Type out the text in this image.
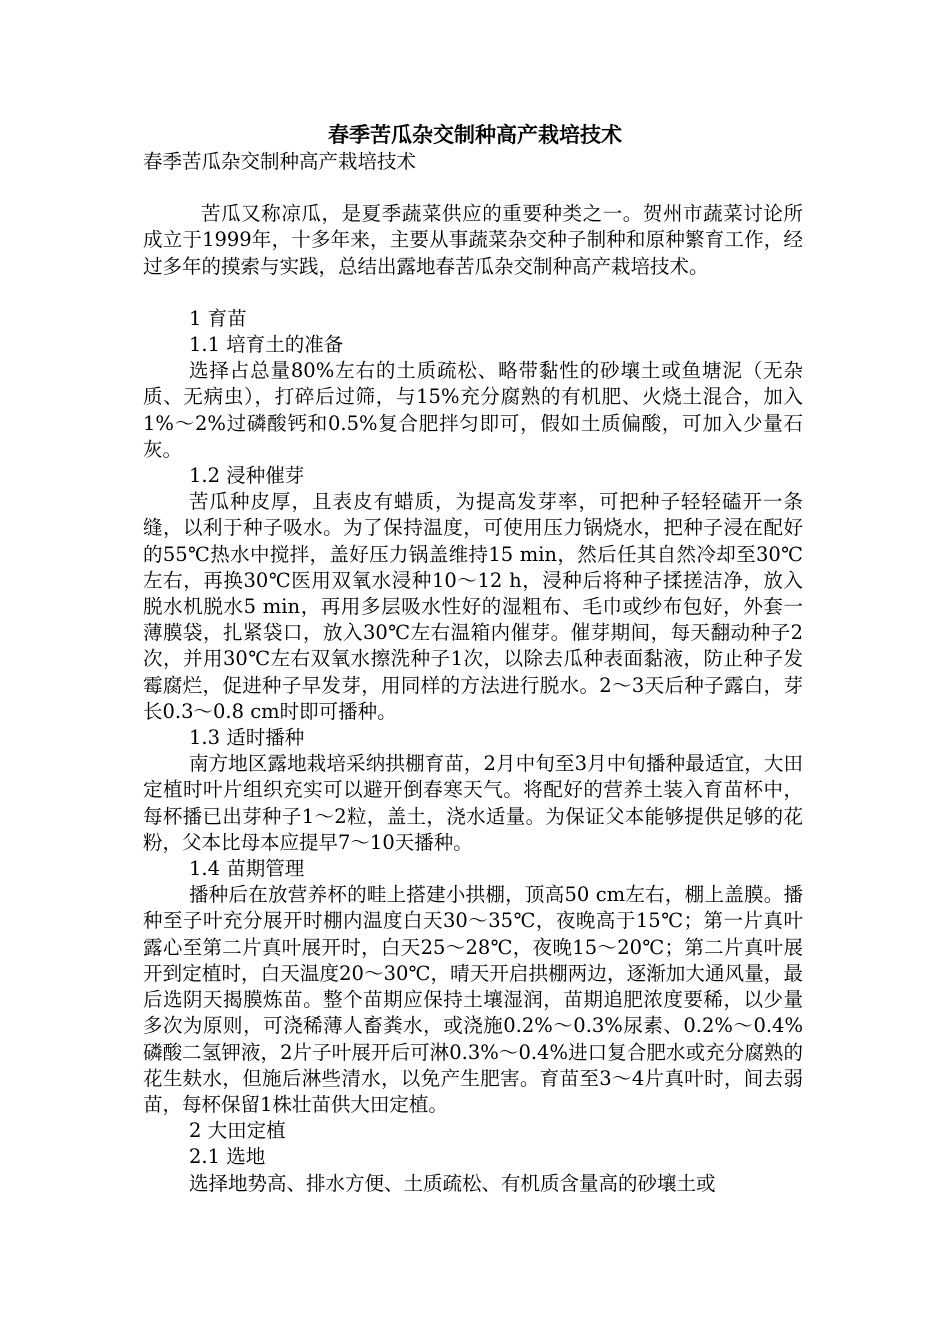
春季苦瓜杂交制种高产栽培技术

春季苦瓜杂交制种高产栽培技术

苦瓜又称凉瓜，是夏季蔬菜供应的重要种类之一。贺州市蔬菜讨论所成立于1999年，十多年来，主要从事蔬菜杂交种子制种和原种繁育工作，经过多年的摸索与实践，总结出露地春苦瓜杂交制种高产栽培技术。

1 育苗

1.1 培育土的准备

选择占总量80%左右的土质疏松、略带黏性的砂壤土或鱼塘泥（无杂质、无病虫），打碎后过筛，与15%充分腐熟的有机肥、火烧土混合，加入1%～2%过磷酸钙和0.5%复合肥拌匀即可，假如土质偏酸，可加入少量石灰。

1.2 浸种催芽

苦瓜种皮厚，且表皮有蜡质，为提高发芽率，可把种子轻轻磕开一条缝，以利于种子吸水。为了保持温度，可使用压力锅烧水，把种子浸在配好的55℃热水中搅拌，盖好压力锅盖维持15 min，然后任其自然冷却至30℃左右，再换30℃医用双氧水浸种10～12 h，浸种后将种子揉搓洁净，放入脱水机脱水5 min，再用多层吸水性好的湿粗布、毛巾或纱布包好，外套一薄膜袋，扎紧袋口，放入30℃左右温箱内催芽。催芽期间，每天翻动种子2次，并用30℃左右双氧水擦洗种子1次，以除去瓜种表面黏液，防止种子发霉腐烂，促进种子早发芽，用同样的方法进行脱水。2～3天后种子露白，芽长0.3～0.8 cm时即可播种。

1.3 适时播种

南方地区露地栽培采纳拱棚育苗，2月中旬至3月中旬播种最适宜，大田定植时叶片组织充实可以避开倒春寒天气。将配好的营养土装入育苗杯中，每杯播已出芽种子1～2粒，盖土，浇水适量。为保证父本能够提供足够的花粉，父本比母本应提早7～10天播种。

1.4 苗期管理

播种后在放营养杯的畦上搭建小拱棚，顶高50 cm左右，棚上盖膜。播种至子叶充分展开时棚内温度白天30～35℃，夜晚高于15℃；第一片真叶露心至第二片真叶展开时，白天25～28℃，夜晚15～20℃；第二片真叶展开到定植时，白天温度20～30℃，晴天开启拱棚两边，逐渐加大通风量，最后选阴天揭膜炼苗。整个苗期应保持土壤湿润，苗期追肥浓度要稀，以少量多次为原则，可浇稀薄人畜粪水，或浇施0.2%～0.3%尿素、0.2%～0.4%磷酸二氢钾液，2片子叶展开后可淋0.3%～0.4%进口复合肥水或充分腐熟的花生麸水，但施后淋些清水，以免产生肥害。育苗至3～4片真叶时，间去弱苗，每杯保留1株壮苗供大田定植。

2 大田定植

2.1 选地

选择地势高、排水方便、土质疏松、有机质含量高的砂壤土或
